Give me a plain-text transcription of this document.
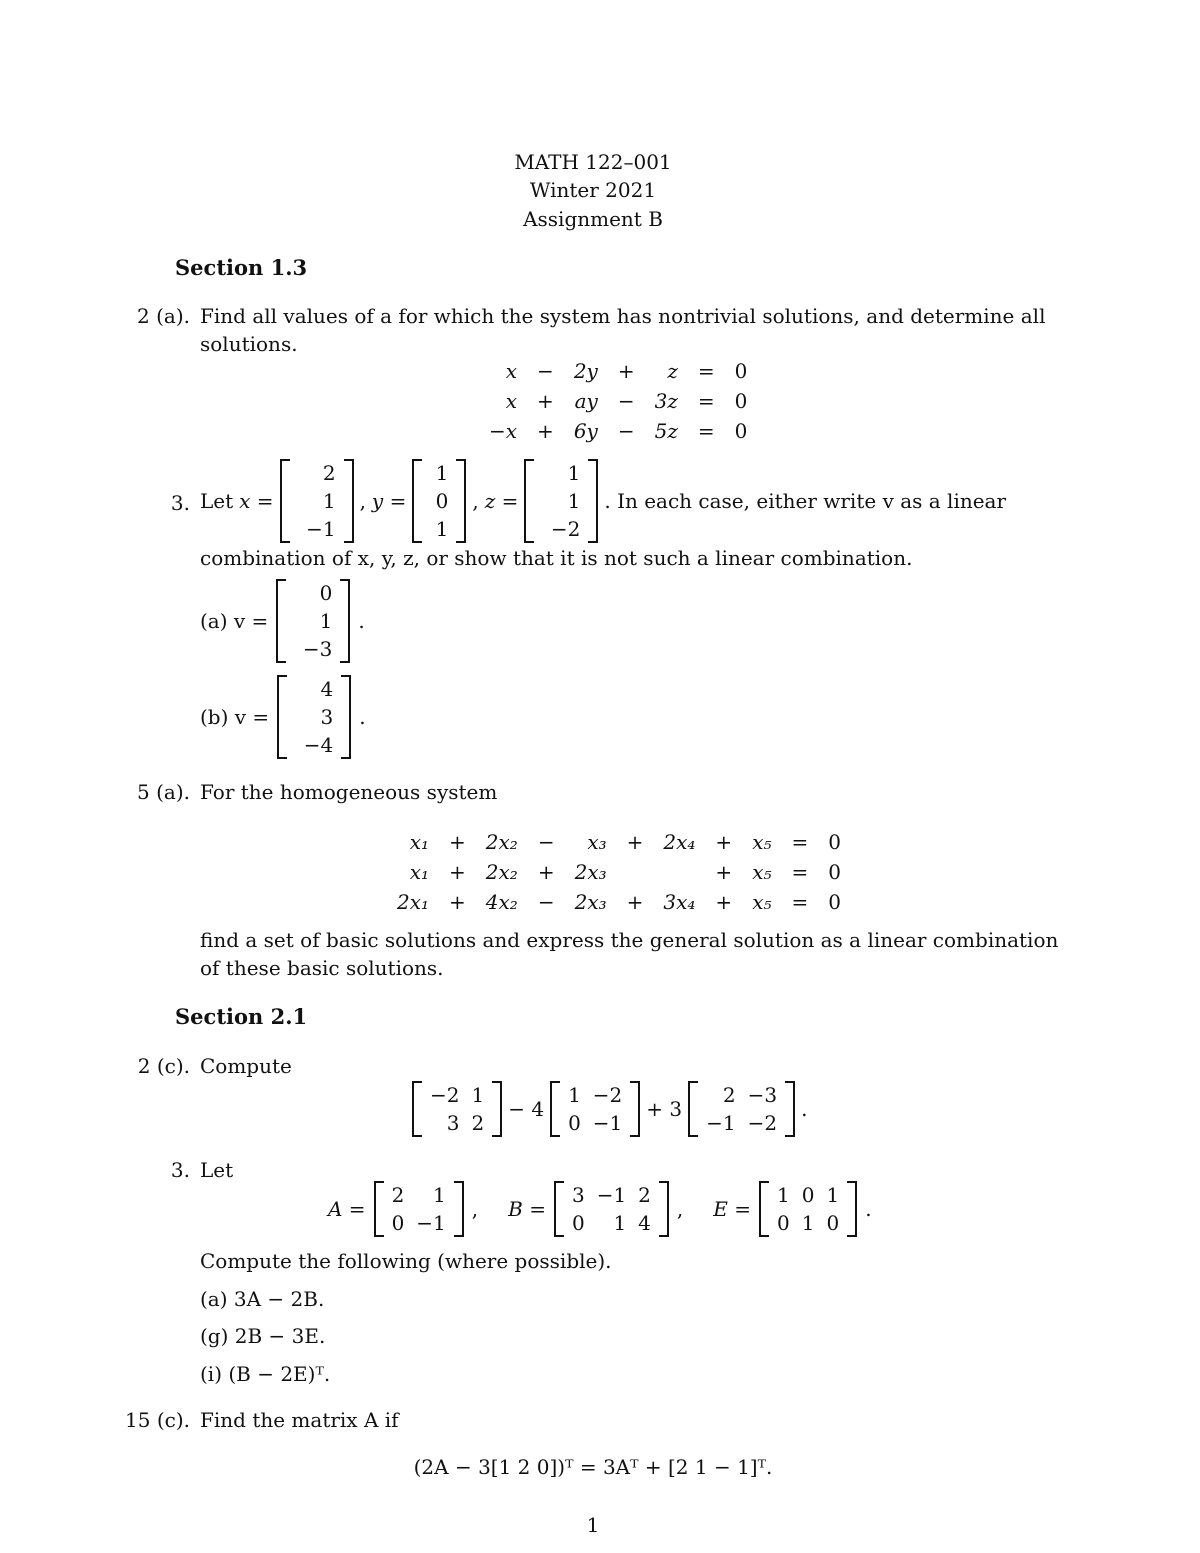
MATH 122–001
Winter 2021
Assignment B
Section 1.3
2 (a). Find all values of a for which the system has nontrivial solutions, and determine all
solutions.
x	−	2y	+	z	=	0
x	+	ay	−	3z	=	0
−x	+	6y	−	5z	=	0
3. Let x =
2
1
−1
, y =
1
0
1
, z =
1
1
−2
. In each case, either write v as a linear
combination of x, y, z, or show that it is not such a linear combination.
(a) v =
0
1
−3
.
(b) v =
4
3
−4
.
5 (a). For the homogeneous system
x₁	+	2x₂	−	x₃	+	2x₄	+	x₅	=	0
x₁	+	2x₂	+	2x₃			+	x₅	=	0
2x₁	+	4x₂	−	2x₃	+	3x₄	+	x₅	=	0
find a set of basic solutions and express the general solution as a linear combination
of these basic solutions.
Section 2.1
2 (c). Compute
−2	1
3	2
− 4
1	−2
0	−1
+ 3
2	−3
−1	−2
.
3. Let
A =
2	1
0	−1
, B =
3	−1	2
0	1	4
, E =
1	0	1
0	1	0
.
Compute the following (where possible).
(a) 3A − 2B.
(g) 2B − 3E.
(i) (B − 2E)ᵀ.
15 (c). Find the matrix A if
(2A − 3[1 2 0])ᵀ = 3Aᵀ + [2 1 − 1]ᵀ.
1
